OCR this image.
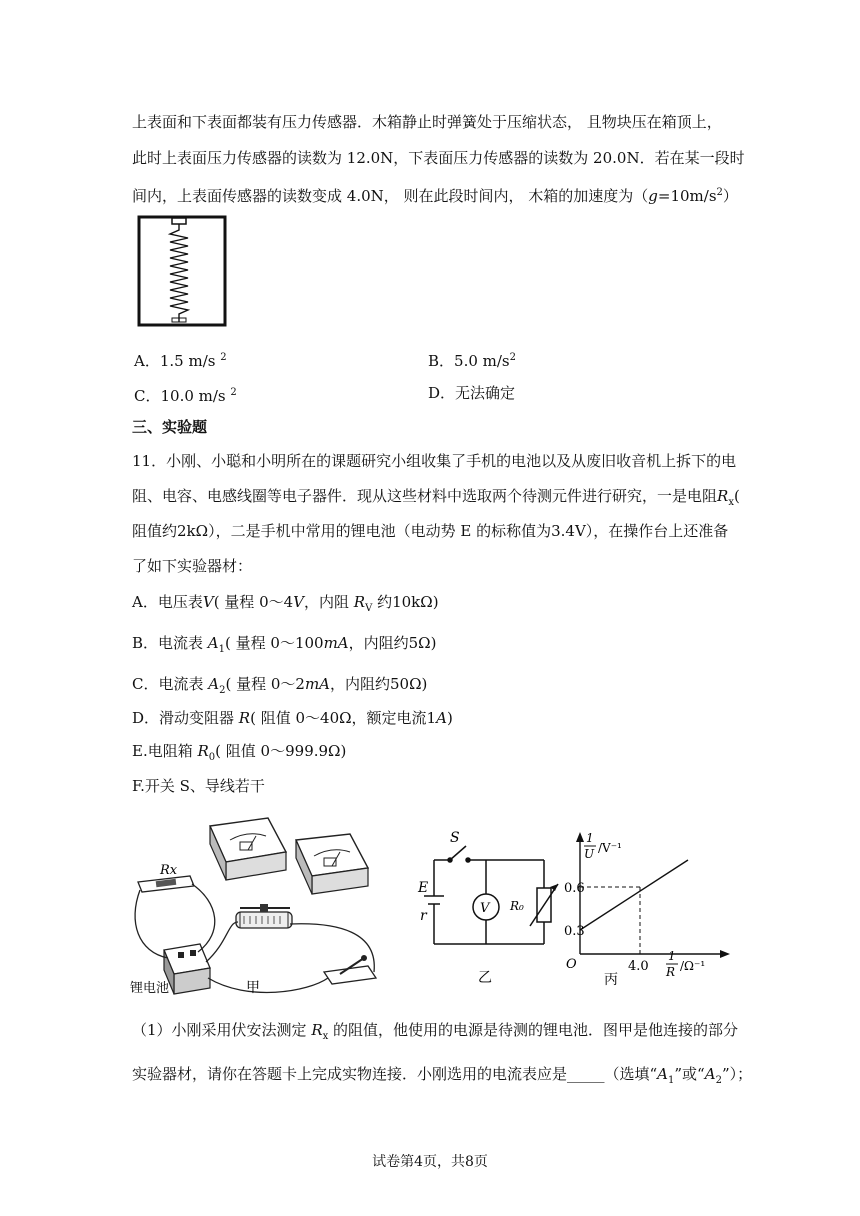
上表面和下表面都装有压力传感器．木箱静止时弹簧处于压缩状态， 且物块压在箱顶上，
此时上表面压力传感器的读数为 12.0N，下表面压力传感器的读数为 20.0N．若在某一段时
间内，上表面传感器的读数变成 4.0N， 则在此段时间内， 木箱的加速度为$(g=10m/s^2)$
A．1.5 m/s $^2$	B．5.0 $m/s^2$
C．10.0 m/s $^2$	D．无法确定
三、实验题
11．小刚、小聪和小明所在的课题研究小组收集了手机的电池以及从废旧收音机上拆下的电
阻、电容、电感线圈等电子器件．现从这些材料中选取两个待测元件进行研究，一是电阻$R_x$(
阻值约2kΩ），二是手机中常用的锂电池（电动势 E 的标称值为3.4V），在操作台上还准备
了如下实验器材：
A．电压表V( 量程 0～4V，内阻 $R_V$ 约10kΩ)
B．电流表 $A_1$( 量程 0～100mA，内阻约5Ω)
C．电流表 $A_2$( 量程 0～2mA，内阻约50Ω)
D．滑动变阻器 R( 阻值 0～40Ω，额定电流1A)
E.电阻箱 $R_0$( 阻值 0～999.9Ω)
F.开关 S、导线若干
Rx
锂电池	甲
S
E
r	V R₀
乙
1
U /V⁻¹
1
R /Ω⁻¹
0.6
0.3
4.0
O
丙
（1）小刚采用伏安法测定 $R_x$ 的阻值，他使用的电源是待测的锂电池．图甲是他连接的部分
实验器材，请你在答题卡上完成实物连接．小刚选用的电流表应是_____（选填“$A_1$”或“$A_2$”）；
试卷第4页，共8页
